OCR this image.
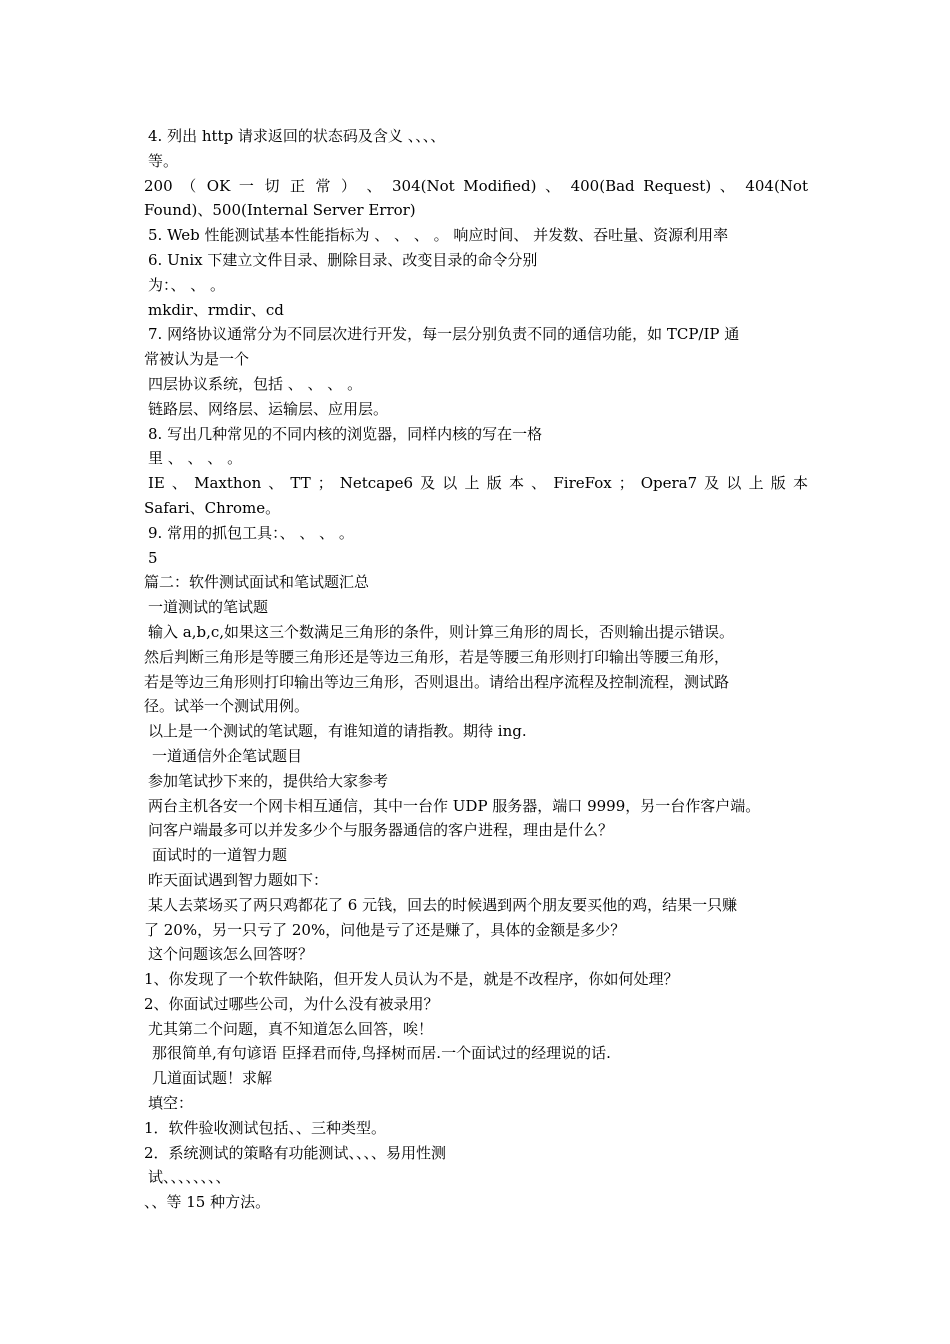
4. 列出 http 请求返回的状态码及含义 、、、、
等。
200 （ OK 一 切 正 常 ） 、 304(Not Modified) 、 400(Bad Request) 、 404(Not
Found)、500(Internal Server Error)
5. Web 性能测试基本性能指标为 、 、 、 。 响应时间、 并发数、吞吐量、资源利用率
6. Unix 下建立文件目录、删除目录、改变目录的命令分别
为：、 、 。
mkdir、rmdir、cd
7. 网络协议通常分为不同层次进行开发，每一层分别负责不同的通信功能，如 TCP/IP 通
常被认为是一个
四层协议系统，包括 、 、 、 。
链路层、网络层、运输层、应用层。
8. 写出几种常见的不同内核的浏览器，同样内核的写在一格
里 、 、 、 。
IE 、 Maxthon 、 TT ； Netcape6 及 以 上 版 本 、 FireFox ； Opera7 及 以 上 版 本
Safari、Chrome。
9. 常用的抓包工具：、 、 、 。
5
篇二：软件测试面试和笔试题汇总
一道测试的笔试题
输入 a,b,c,如果这三个数满足三角形的条件，则计算三角形的周长，否则输出提示错误。
然后判断三角形是等腰三角形还是等边三角形，若是等腰三角形则打印输出等腰三角形，
若是等边三角形则打印输出等边三角形，否则退出。请给出程序流程及控制流程，测试路
径。试举一个测试用例。
以上是一个测试的笔试题，有谁知道的请指教。期待 ing.
一道通信外企笔试题目
参加笔试抄下来的，提供给大家参考
两台主机各安一个网卡相互通信，其中一台作 UDP 服务器，端口 9999，另一台作客户端。
问客户端最多可以并发多少个与服务器通信的客户进程，理由是什么？
面试时的一道智力题
昨天面试遇到智力题如下：
某人去菜场买了两只鸡都花了 6 元钱，回去的时候遇到两个朋友要买他的鸡，结果一只赚
了 20%，另一只亏了 20%，问他是亏了还是赚了，具体的金额是多少？
这个问题该怎么回答呀？
1、你发现了一个软件缺陷，但开发人员认为不是，就是不改程序，你如何处理？
2、你面试过哪些公司，为什么没有被录用？
尤其第二个问题，真不知道怎么回答，唉！
那很简单,有句谚语 臣择君而侍,鸟择树而居.一个面试过的经理说的话.
几道面试题！求解
填空：
1．软件验收测试包括、、三种类型。
2．系统测试的策略有功能测试、、、、易用性测
试、、、、、、、、
、、等 15 种方法。
